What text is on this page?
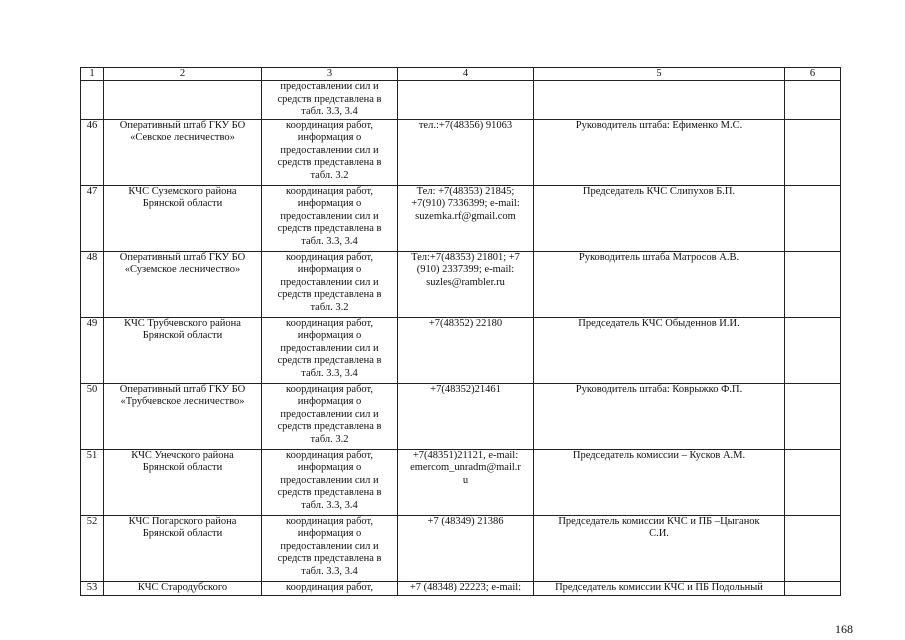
1	2	3	4	5	6
		предоставлении сил и
средств представлена в
табл. 3.3, 3.4			
46	Оперативный штаб ГКУ БО
«Севское лесничество»	координация работ,
информация о
предоставлении сил и
средств представлена в
табл. 3.2	тел.:+7(48356) 91063	Руководитель штаба: Ефименко М.С.	
47	КЧС Суземского района
Брянской области	координация работ,
информация о
предоставлении сил и
средств представлена в
табл. 3.3, 3.4	Тел: +7(48353) 21845;
+7(910) 7336399; e-mail:
suzemka.rf@gmail.com	Председатель КЧС Слипухов Б.П.	
48	Оперативный штаб ГКУ БО
«Суземское лесничество»	координация работ,
информация о
предоставлении сил и
средств представлена в
табл. 3.2	Тел:+7(48353) 21801; +7
(910) 2337399; e-mail:
suzles@rambler.ru	Руководитель штаба Матросов А.В.	
49	КЧС Трубчевского района
Брянской области	координация работ,
информация о
предоставлении сил и
средств представлена в
табл. 3.3, 3.4	+7(48352) 22180	Председатель КЧС Обыденнов И.И.	
50	Оперативный штаб ГКУ БО
«Трубчевское лесничество»	координация работ,
информация о
предоставлении сил и
средств представлена в
табл. 3.2	+7(48352)21461	Руководитель штаба: Коврыжко Ф.П.	
51	КЧС Унечского района
Брянской области	координация работ,
информация о
предоставлении сил и
средств представлена в
табл. 3.3, 3.4	+7(48351)21121, e-mail:
emercom_unradm@mail.r
u	Председатель комиссии – Кусков А.М.	
52	КЧС Погарского района
Брянской области	координация работ,
информация о
предоставлении сил и
средств представлена в
табл. 3.3, 3.4	+7 (48349) 21386	Председатель комиссии КЧС и ПБ –Цыганок
С.И.	
53	КЧС Стародубского	координация работ,	+7 (48348) 22223; e-mail:	Председатель комиссии КЧС и ПБ Подольный	
168
